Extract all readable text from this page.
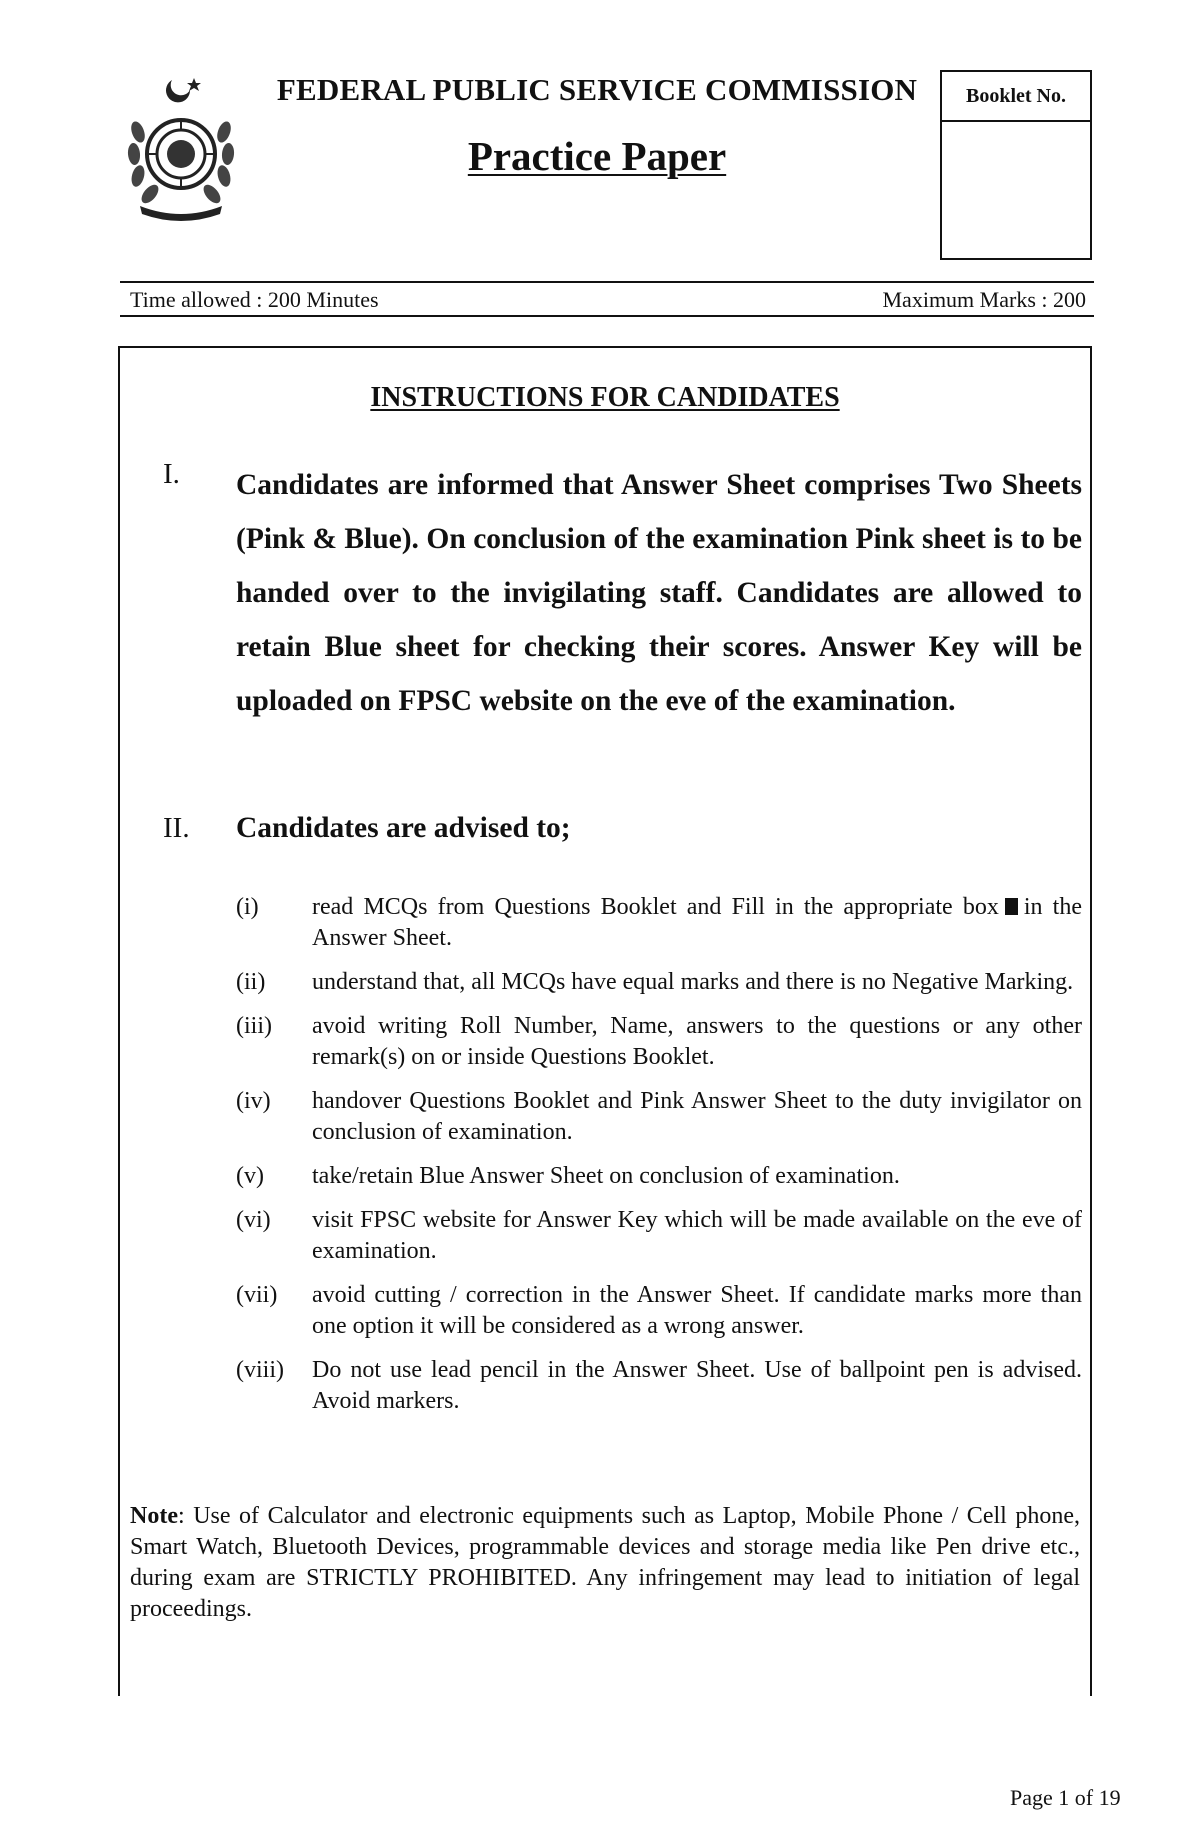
FEDERAL PUBLIC SERVICE COMMISSION
Practice Paper
Booklet No.
Time allowed : 200 Minutes	Maximum Marks : 200
INSTRUCTIONS FOR CANDIDATES
I. Candidates are informed that Answer Sheet comprises Two Sheets (Pink & Blue). On conclusion of the examination Pink sheet is to be handed over to the invigilating staff. Candidates are allowed to retain Blue sheet for checking their scores. Answer Key will be uploaded on FPSC website on the eve of the examination.
II. Candidates are advised to;
(i)	read MCQs from Questions Booklet and Fill in the appropriate box in the Answer Sheet.
(ii)	understand that, all MCQs have equal marks and there is no Negative Marking.
(iii)	avoid writing Roll Number, Name, answers to the questions or any other remark(s) on or inside Questions Booklet.
(iv)	handover Questions Booklet and Pink Answer Sheet to the duty invigilator on conclusion of examination.
(v)	take/retain Blue Answer Sheet on conclusion of examination.
(vi)	visit FPSC website for Answer Key which will be made available on the eve of examination.
(vii)	avoid cutting / correction in the Answer Sheet. If candidate marks more than one option it will be considered as a wrong answer.
(viii)	Do not use lead pencil in the Answer Sheet. Use of ballpoint pen is advised. Avoid markers.
Note: Use of Calculator and electronic equipments such as Laptop, Mobile Phone / Cell phone, Smart Watch, Bluetooth Devices, programmable devices and storage media like Pen drive etc., during exam are STRICTLY PROHIBITED. Any infringement may lead to initiation of legal proceedings.
Page 1 of 19
